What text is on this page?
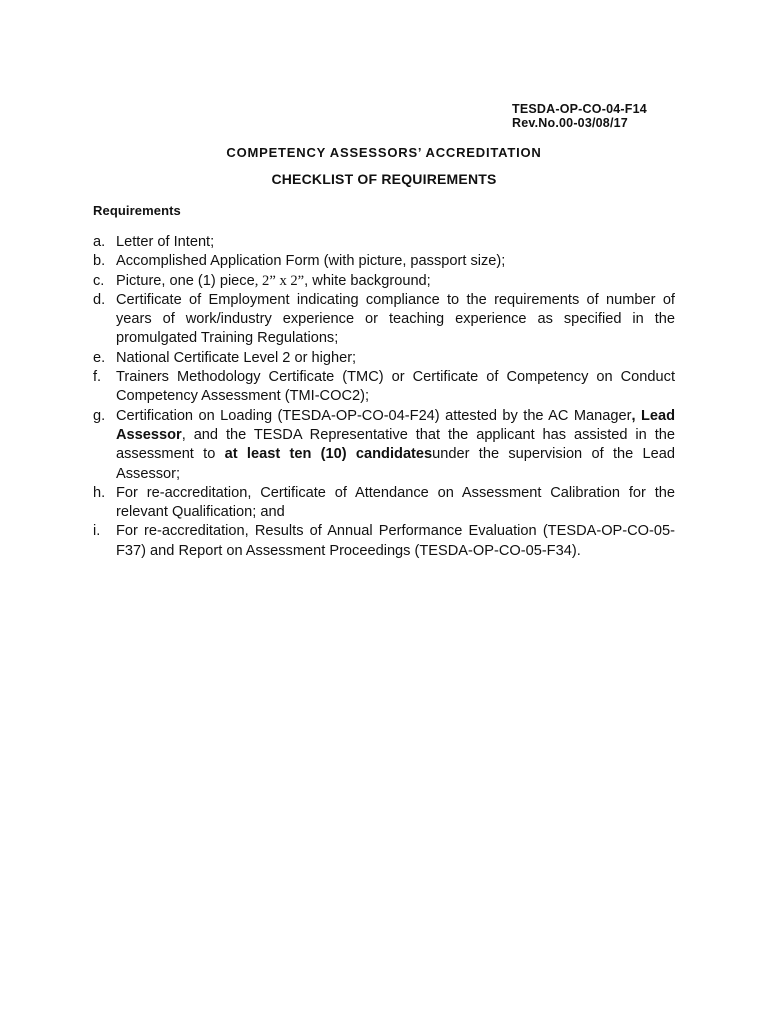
TESDA-OP-CO-04-F14
Rev.No.00-03/08/17
COMPETENCY ASSESSORS’ ACCREDITATION
CHECKLIST OF REQUIREMENTS
Requirements
a. Letter of Intent;
b. Accomplished Application Form (with picture, passport size);
c. Picture, one (1) piece, 2” x 2”, white background;
d. Certificate of Employment indicating compliance to the requirements of number of years of work/industry experience or teaching experience as specified in the promulgated Training Regulations;
e. National Certificate Level 2 or higher;
f.	Trainers Methodology Certificate (TMC) or Certificate of Competency on Conduct Competency Assessment (TMI-COC2);
g. Certification on Loading (TESDA-OP-CO-04-F24) attested by the AC Manager, Lead Assessor, and the TESDA Representative that the applicant has assisted in the assessment to at least ten (10) candidatesunder the supervision of the Lead Assessor;
h. For re-accreditation, Certificate of Attendance on Assessment Calibration for the relevant Qualification; and
i.	For re-accreditation, Results of Annual Performance Evaluation (TESDA-OP-CO-05-F37) and Report on Assessment Proceedings (TESDA-OP-CO-05-F34).
